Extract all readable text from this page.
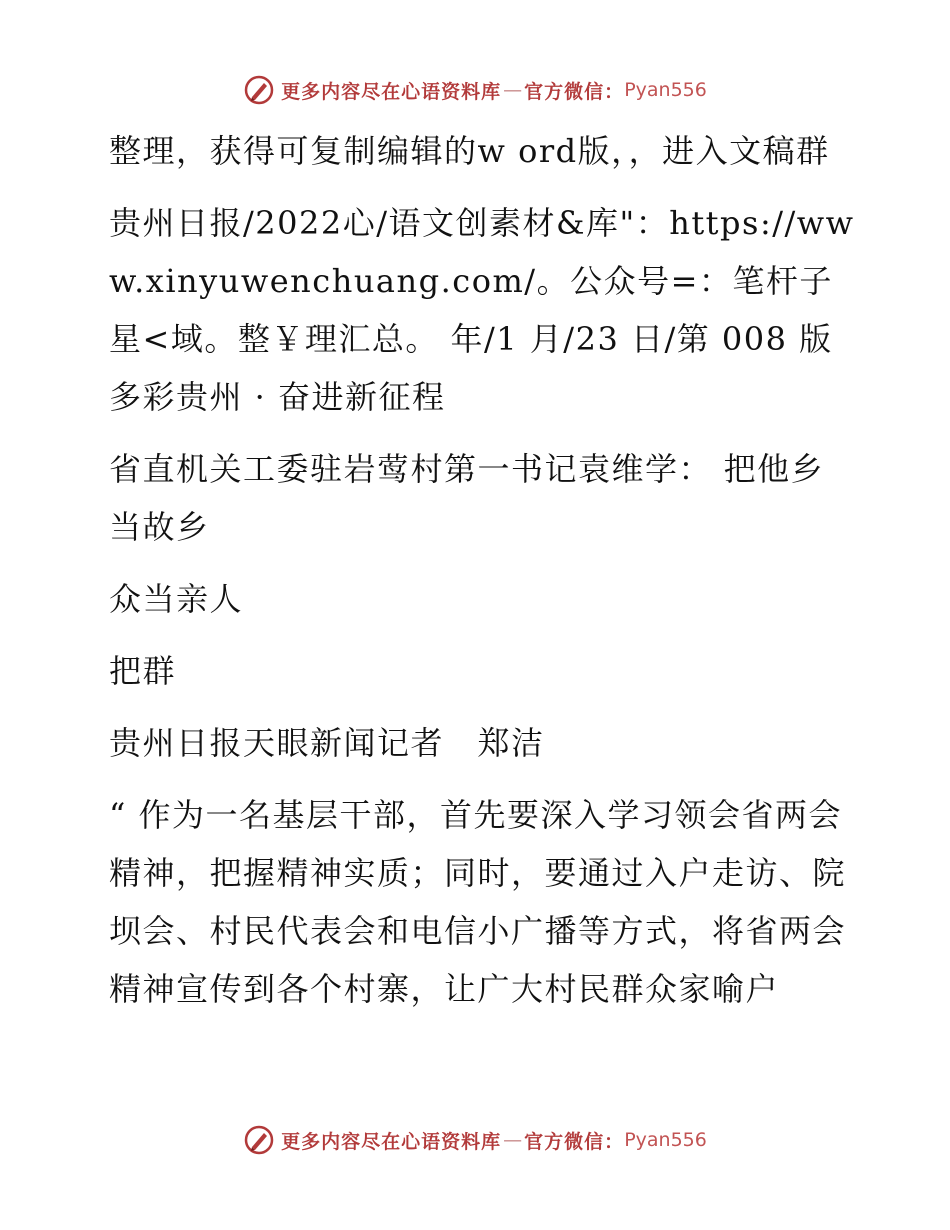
更多内容尽在心语资料库 — 官方微信： Pyan556

整理，获得可复制编辑的w ord版，，进入文稿群

贵州日报/2022心/语文创素材&库"：https://www.xinyuwenchuang.com/。公众号=：笔杆子星<域。整￥理汇总。 年/1 月/23 日/第 008 版多彩贵州 · 奋进新征程

省直机关工委驻岩莺村第一书记袁维学： 把他乡当故乡

众当亲人

把群

贵州日报天眼新闻记者　郑洁

“ 作为一名基层干部，首先要深入学习领会省两会精神，把握精神实质；同时，要通过入户走访、院坝会、村民代表会和电信小广播等方式，将省两会精神宣传到各个村寨，让广大村民群众家喻户

更多内容尽在心语资料库 — 官方微信： Pyan556
